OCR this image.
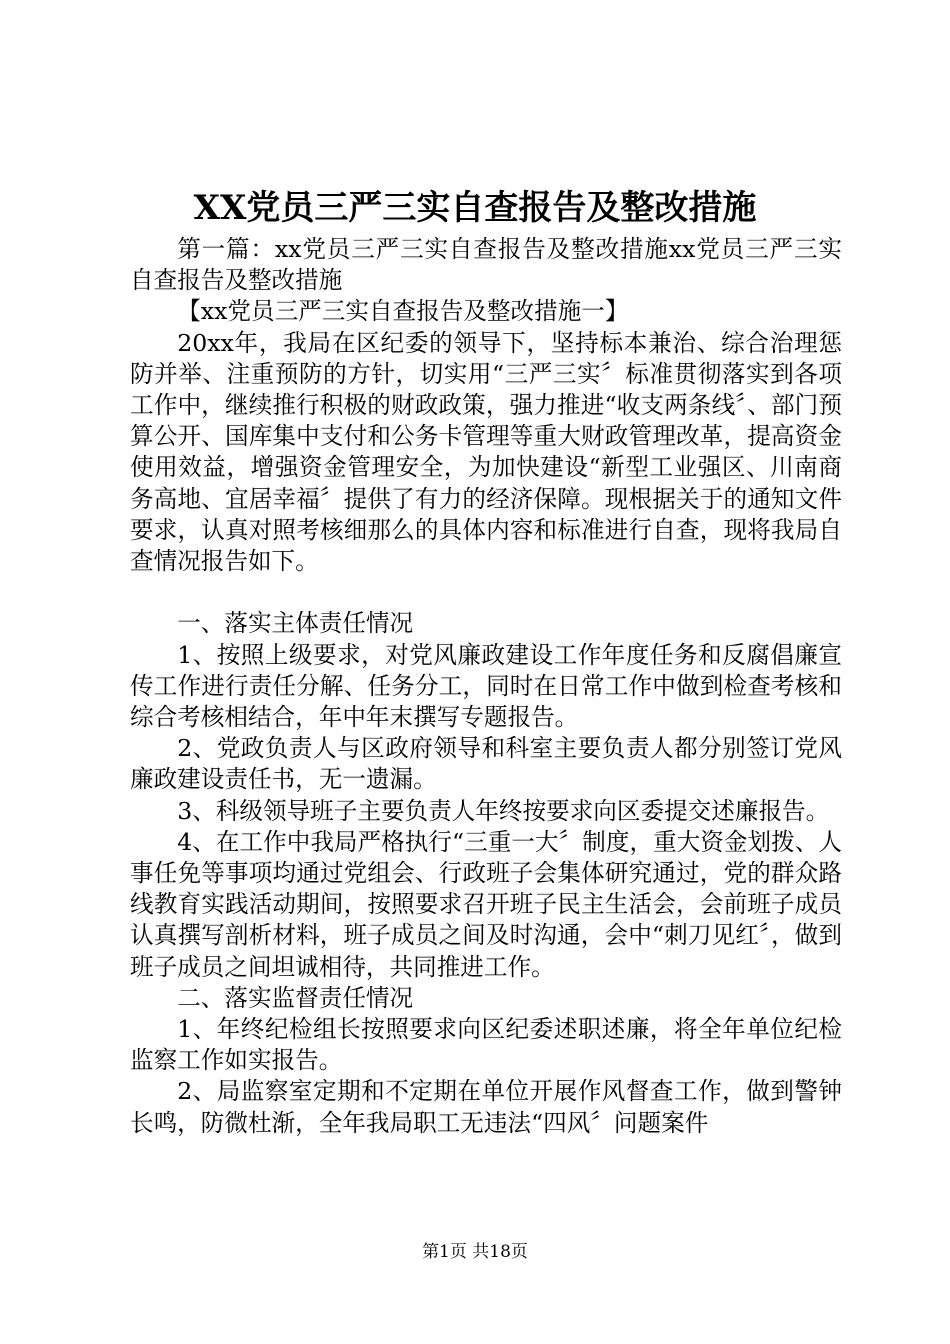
XX党员三严三实自查报告及整改措施

第一篇：xx党员三严三实自查报告及整改措施xx党员三严三实自查报告及整改措施

【xx党员三严三实自查报告及整改措施一】

20xx年，我局在区纪委的领导下，坚持标本兼治、综合治理惩防并举、注重预防的方针，切实用“三严三实〞标准贯彻落实到各项工作中，继续推行积极的财政政策，强力推进“收支两条线〞、部门预算公开、国库集中支付和公务卡管理等重大财政管理改革，提高资金使用效益，增强资金管理安全，为加快建设“新型工业强区、川南商务高地、宜居幸福〞提供了有力的经济保障。现根据关于的通知文件要求，认真对照考核细那么的具体内容和标准进行自查，现将我局自查情况报告如下。

一、落实主体责任情况

1、按照上级要求，对党风廉政建设工作年度任务和反腐倡廉宣传工作进行责任分解、任务分工，同时在日常工作中做到检查考核和综合考核相结合，年中年末撰写专题报告。

2、党政负责人与区政府领导和科室主要负责人都分别签订党风廉政建设责任书，无一遗漏。

3、科级领导班子主要负责人年终按要求向区委提交述廉报告。

4、在工作中我局严格执行“三重一大〞制度，重大资金划拨、人事任免等事项均通过党组会、行政班子会集体研究通过，党的群众路线教育实践活动期间，按照要求召开班子民主生活会，会前班子成员认真撰写剖析材料，班子成员之间及时沟通，会中“刺刀见红〞，做到班子成员之间坦诚相待，共同推进工作。

二、落实监督责任情况

1、年终纪检组长按照要求向区纪委述职述廉，将全年单位纪检监察工作如实报告。

2、局监察室定期和不定期在单位开展作风督查工作，做到警钟长鸣，防微杜渐，全年我局职工无违法“四风〞问题案件

第1页 共18页
